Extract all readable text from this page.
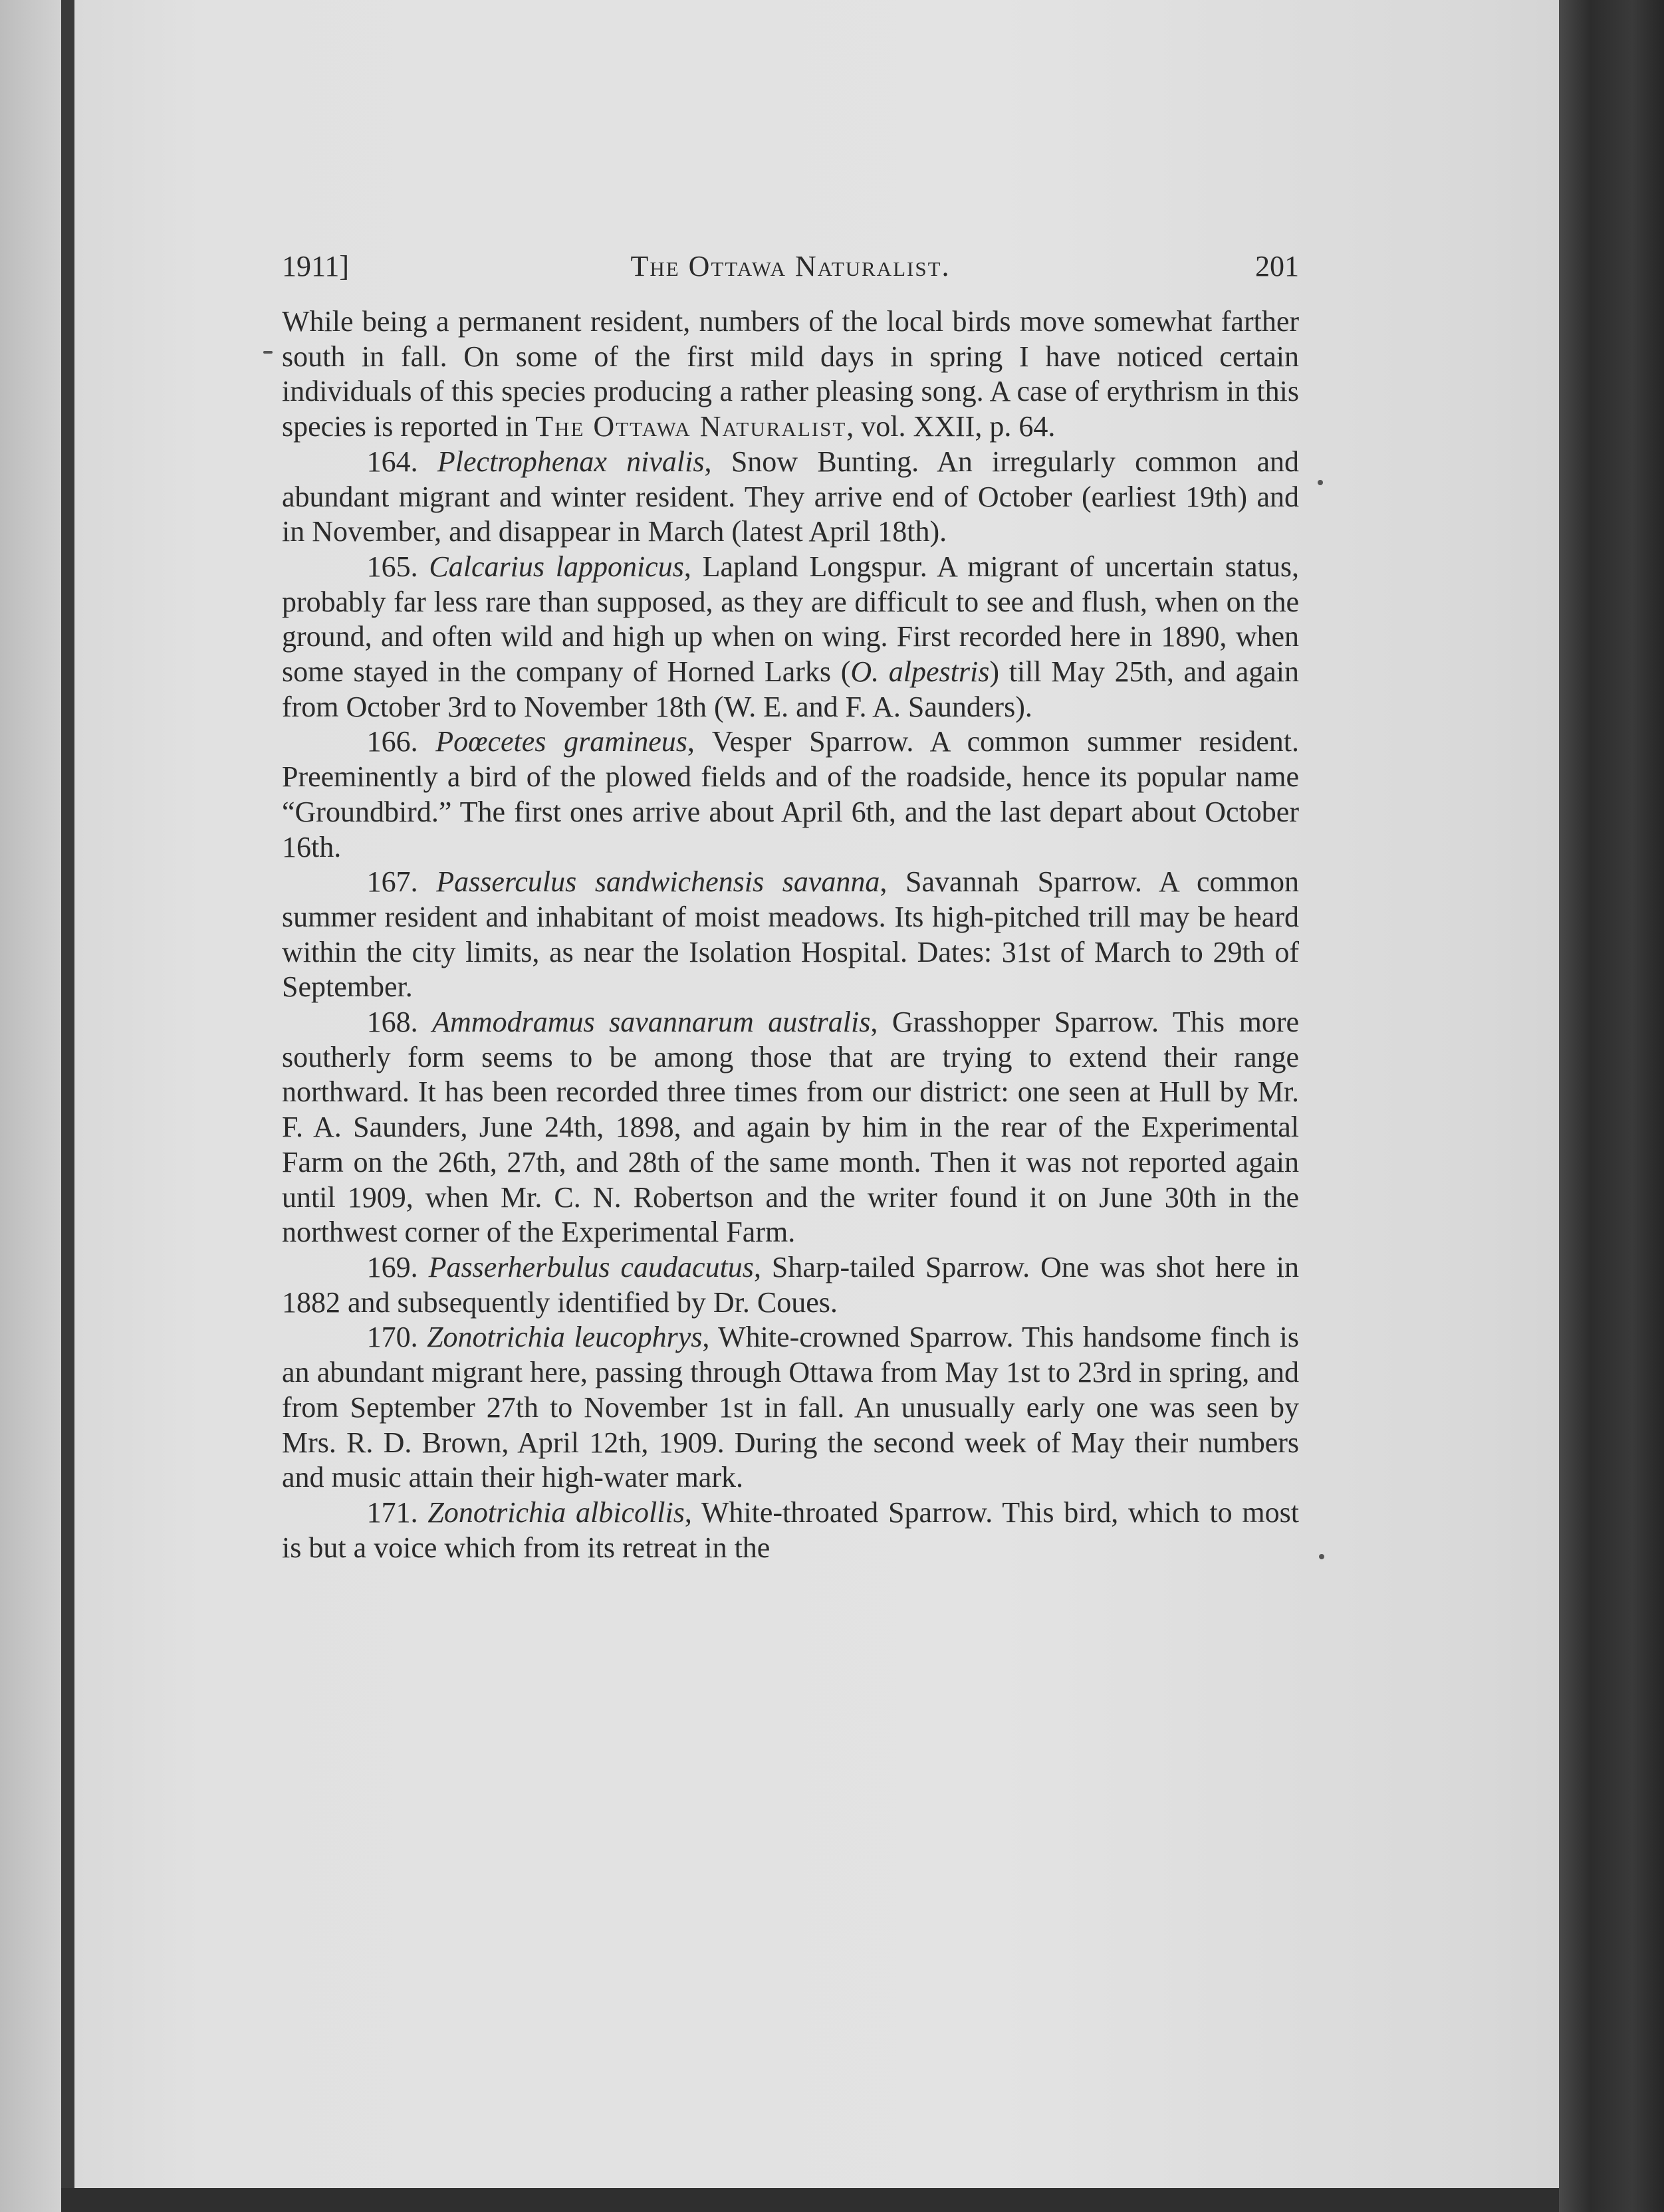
1911]	The Ottawa Naturalist.	201

While being a permanent resident, numbers of the local birds move somewhat farther south in fall. On some of the first mild days in spring I have noticed certain individuals of this species producing a rather pleasing song. A case of erythrism in this species is reported in The Ottawa Naturalist, vol. XXII, p. 64.

164. Plectrophenax nivalis, Snow Bunting. An irregularly common and abundant migrant and winter resident. They arrive end of October (earliest 19th) and in November, and disappear in March (latest April 18th).

165. Calcarius lapponicus, Lapland Longspur. A migrant of uncertain status, probably far less rare than supposed, as they are difficult to see and flush, when on the ground, and often wild and high up when on wing. First recorded here in 1890, when some stayed in the company of Horned Larks (O. alpestris) till May 25th, and again from October 3rd to November 18th (W. E. and F. A. Saunders).

166. Poœcetes gramineus, Vesper Sparrow. A common summer resident. Preeminently a bird of the plowed fields and of the roadside, hence its popular name “Groundbird.” The first ones arrive about April 6th, and the last depart about October 16th.

167. Passerculus sandwichensis savanna, Savannah Sparrow. A common summer resident and inhabitant of moist meadows. Its high-pitched trill may be heard within the city limits, as near the Isolation Hospital. Dates: 31st of March to 29th of September.

168. Ammodramus savannarum australis, Grasshopper Sparrow. This more southerly form seems to be among those that are trying to extend their range northward. It has been recorded three times from our district: one seen at Hull by Mr. F. A. Saunders, June 24th, 1898, and again by him in the rear of the Experimental Farm on the 26th, 27th, and 28th of the same month. Then it was not reported again until 1909, when Mr. C. N. Robertson and the writer found it on June 30th in the northwest corner of the Experimental Farm.

169. Passerherbulus caudacutus, Sharp-tailed Sparrow. One was shot here in 1882 and subsequently identified by Dr. Coues.

170. Zonotrichia leucophrys, White-crowned Sparrow. This handsome finch is an abundant migrant here, passing through Ottawa from May 1st to 23rd in spring, and from September 27th to November 1st in fall. An unusually early one was seen by Mrs. R. D. Brown, April 12th, 1909. During the second week of May their numbers and music attain their high-water mark.

171. Zonotrichia albicollis, White-throated Sparrow. This bird, which to most is but a voice which from its retreat in the
